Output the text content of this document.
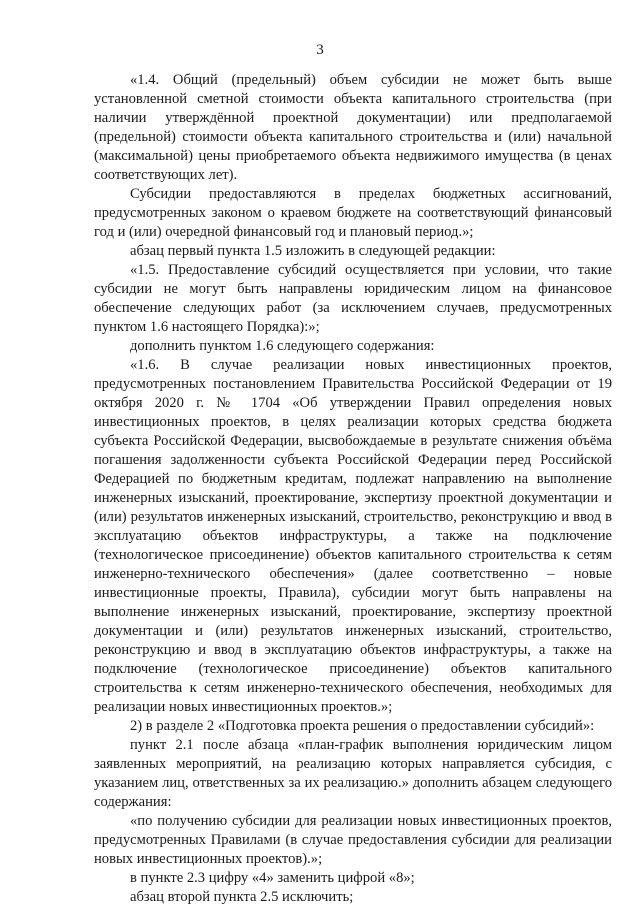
3

«1.4. Общий (предельный) объем субсидии не может быть выше установленной сметной стоимости объекта капитального строительства (при наличии утверждённой проектной документации) или предполагаемой (предельной) стоимости объекта капитального строительства и (или) начальной (максимальной) цены приобретаемого объекта недвижимого имущества (в ценах соответствующих лет).

Субсидии предоставляются в пределах бюджетных ассигнований, предусмотренных законом о краевом бюджете на соответствующий финансовый год и (или) очередной финансовый год и плановый период.»;

абзац первый пункта 1.5 изложить в следующей редакции:

«1.5. Предоставление субсидий осуществляется при условии, что такие субсидии не могут быть направлены юридическим лицом на финансовое обеспечение следующих работ (за исключением случаев, предусмотренных пунктом 1.6 настоящего Порядка):»;

дополнить пунктом 1.6 следующего содержания:

«1.6. В случае реализации новых инвестиционных проектов, предусмотренных постановлением Правительства Российской Федерации от 19 октября 2020 г. № 1704 «Об утверждении Правил определения новых инвестиционных проектов, в целях реализации которых средства бюджета субъекта Российской Федерации, высвобождаемые в результате снижения объёма погашения задолженности субъекта Российской Федерации перед Российской Федерацией по бюджетным кредитам, подлежат направлению на выполнение инженерных изысканий, проектирование, экспертизу проектной документации и (или) результатов инженерных изысканий, строительство, реконструкцию и ввод в эксплуатацию объектов инфраструктуры, а также на подключение (технологическое присоединение) объектов капитального строительства к сетям инженерно-технического обеспечения» (далее соответственно – новые инвестиционные проекты, Правила), субсидии могут быть направлены на выполнение инженерных изысканий, проектирование, экспертизу проектной документации и (или) результатов инженерных изысканий, строительство, реконструкцию и ввод в эксплуатацию объектов инфраструктуры, а также на подключение (технологическое присоединение) объектов капитального строительства к сетям инженерно-технического обеспечения, необходимых для реализации новых инвестиционных проектов.»;

2) в разделе 2 «Подготовка проекта решения о предоставлении субсидий»:

пункт 2.1 после абзаца «план-график выполнения юридическим лицом заявленных мероприятий, на реализацию которых направляется субсидия, с указанием лиц, ответственных за их реализацию.» дополнить абзацем следующего содержания:

«по получению субсидии для реализации новых инвестиционных проектов, предусмотренных Правилами (в случае предоставления субсидии для реализации новых инвестиционных проектов).»;

в пункте 2.3 цифру «4» заменить цифрой «8»;

абзац второй пункта 2.5 исключить;
